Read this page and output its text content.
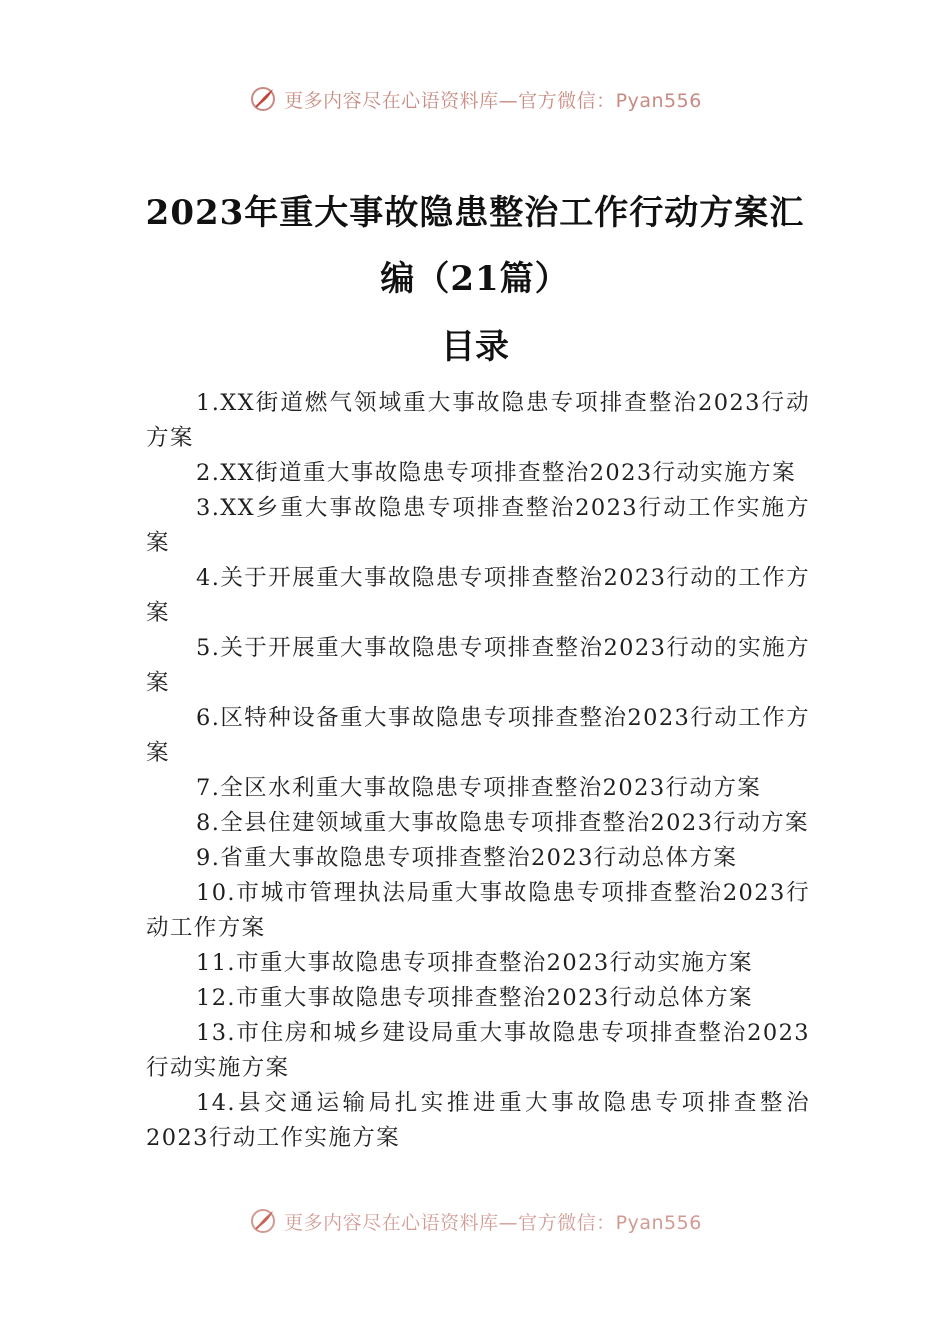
更多内容尽在心语资料库—官方微信：Pyan556
2023年重大事故隐患整治工作行动方案汇
编（21篇）
目录
1.XX街道燃气领域重大事故隐患专项排查整治2023行动方案
2.XX街道重大事故隐患专项排查整治2023行动实施方案
3.XX乡重大事故隐患专项排查整治2023行动工作实施方案
4.关于开展重大事故隐患专项排查整治2023行动的工作方案
5.关于开展重大事故隐患专项排查整治2023行动的实施方案
6.区特种设备重大事故隐患专项排查整治2023行动工作方案
7.全区水利重大事故隐患专项排查整治2023行动方案
8.全县住建领域重大事故隐患专项排查整治2023行动方案
9.省重大事故隐患专项排查整治2023行动总体方案
10.市城市管理执法局重大事故隐患专项排查整治2023行动工作方案
11.市重大事故隐患专项排查整治2023行动实施方案
12.市重大事故隐患专项排查整治2023行动总体方案
13.市住房和城乡建设局重大事故隐患专项排查整治2023行动实施方案
14.县交通运输局扎实推进重大事故隐患专项排查整治2023行动工作实施方案
更多内容尽在心语资料库—官方微信：Pyan556
